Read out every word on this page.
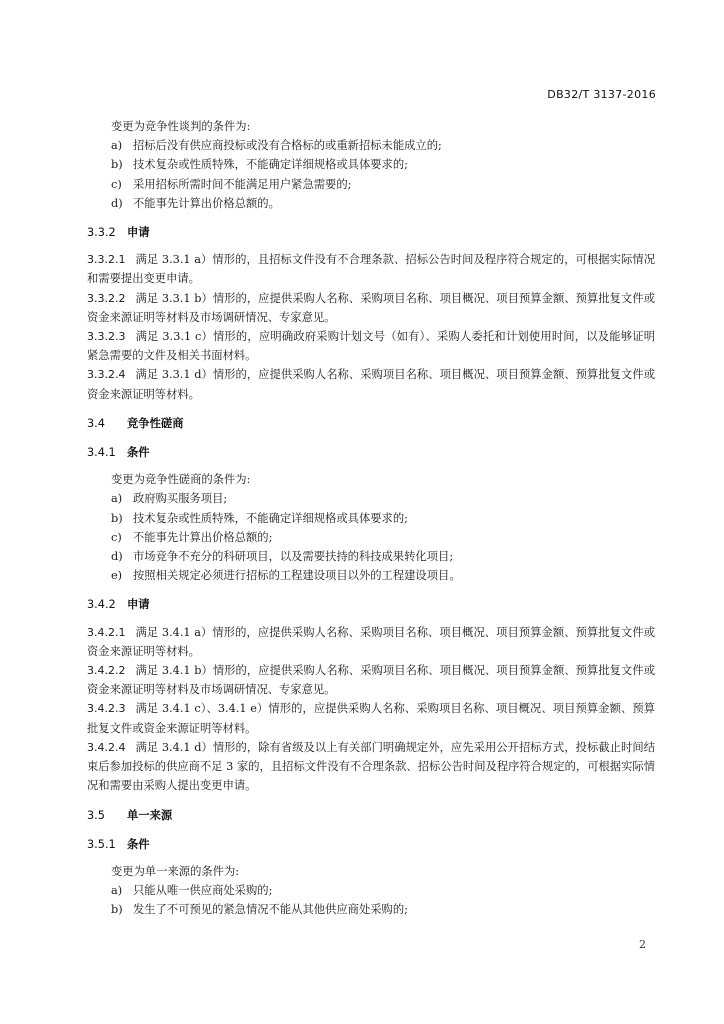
DB32/T 3137-2016

变更为竞争性谈判的条件为:

a) 招标后没有供应商投标或没有合格标的或重新招标未能成立的;
b) 技术复杂或性质特殊，不能确定详细规格或具体要求的;
c) 采用招标所需时间不能满足用户紧急需要的;
d) 不能事先计算出价格总额的。
3.3.2 申请

3.3.2.1 满足 3.3.1 a）情形的，且招标文件没有不合理条款、招标公告时间及程序符合规定的，可根据实际情况和需要提出变更申请。

3.3.2.2 满足 3.3.1 b）情形的，应提供采购人名称、采购项目名称、项目概况、项目预算金额、预算批复文件或资金来源证明等材料及市场调研情况、专家意见。

3.3.2.3 满足 3.3.1 c）情形的，应明确政府采购计划文号（如有）、采购人委托和计划使用时间，以及能够证明紧急需要的文件及相关书面材料。

3.3.2.4 满足 3.3.1 d）情形的，应提供采购人名称、采购项目名称、项目概况、项目预算金额、预算批复文件或资金来源证明等材料。

3.4 竞争性磋商
3.4.1 条件

变更为竞争性磋商的条件为:

a) 政府购买服务项目;
b) 技术复杂或性质特殊，不能确定详细规格或具体要求的;
c) 不能事先计算出价格总额的;
d) 市场竞争不充分的科研项目，以及需要扶持的科技成果转化项目;
e) 按照相关规定必须进行招标的工程建设项目以外的工程建设项目。
3.4.2 申请

3.4.2.1 满足 3.4.1 a）情形的，应提供采购人名称、采购项目名称、项目概况、项目预算金额、预算批复文件或资金来源证明等材料。

3.4.2.2 满足 3.4.1 b）情形的，应提供采购人名称、采购项目名称、项目概况、项目预算金额、预算批复文件或资金来源证明等材料及市场调研情况、专家意见。

3.4.2.3 满足 3.4.1 c）、3.4.1 e）情形的，应提供采购人名称、采购项目名称、项目概况、项目预算金额、预算批复文件或资金来源证明等材料。

3.4.2.4 满足 3.4.1 d）情形的，除有省级及以上有关部门明确规定外，应先采用公开招标方式，投标截止时间结束后参加投标的供应商不足 3 家的，且招标文件没有不合理条款、招标公告时间及程序符合规定的，可根据实际情况和需要由采购人提出变更申请。

3.5 单一来源
3.5.1 条件

变更为单一来源的条件为:

a) 只能从唯一供应商处采购的;
b) 发生了不可预见的紧急情况不能从其他供应商处采购的;
2
